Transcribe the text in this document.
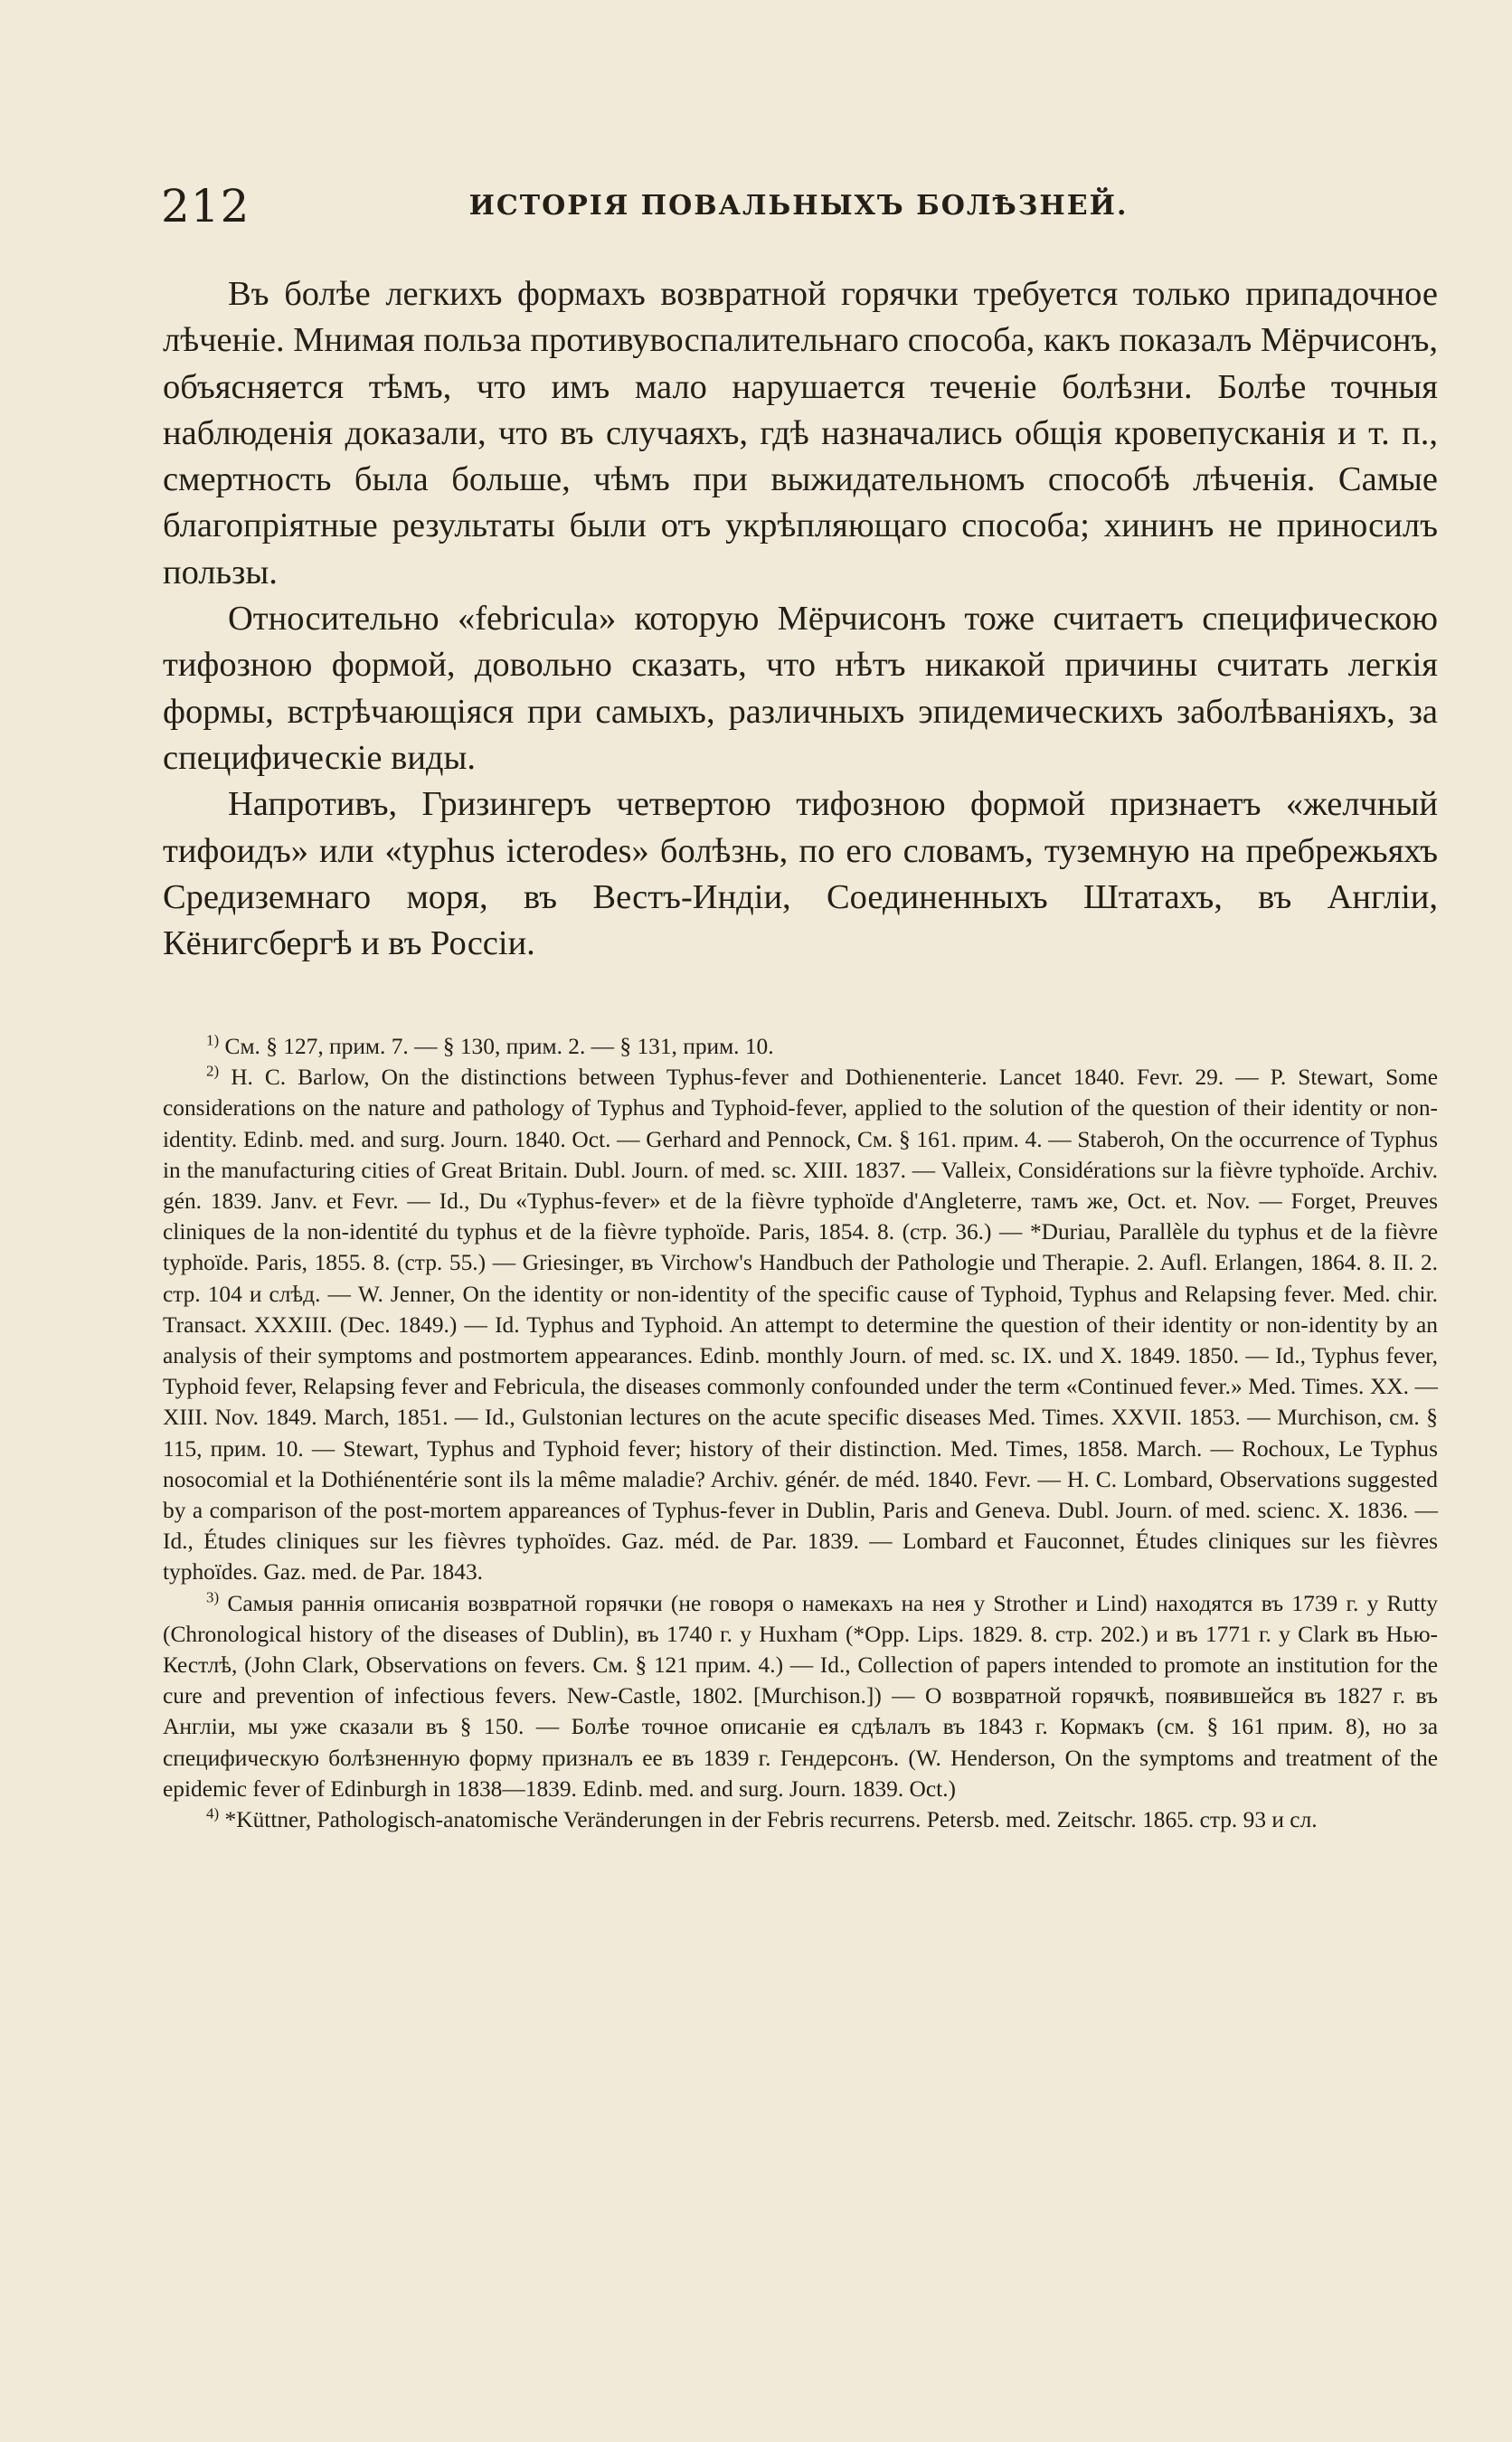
212	ИСТОРІЯ ПОВАЛЬНЫХЪ БОЛѢЗНЕЙ.

Въ болѣе легкихъ формахъ возвратной горячки требуется только припадочное лѣченіе. Мнимая польза противувоспалительнаго способа, какъ показалъ Мёрчисонъ, объясняется тѣмъ, что имъ мало нарушается теченіе болѣзни. Болѣе точныя наблюденія доказали, что въ случаяхъ, гдѣ назначались общія кровепусканія и т. п., смертность была больше, чѣмъ при выжидательномъ способѣ лѣченія. Самые благопріятные результаты были отъ укрѣпляющаго способа; хининъ не приносилъ пользы.

Относительно «febricula» которую Мёрчисонъ тоже считаетъ специфическою тифозною формой, довольно сказать, что нѣтъ никакой причины считать легкія формы, встрѣчающіяся при самыхъ, различныхъ эпидемическихъ заболѣваніяхъ, за специфическіе виды.

Напротивъ, Гризингеръ четвертою тифозною формой признаетъ «желчный тифоидъ» или «typhus icterodes» болѣзнь, по его словамъ, туземную на пребрежьяхъ Средиземнаго моря, въ Вестъ-Индіи, Соединенныхъ Штатахъ, въ Англіи, Кёнигсбергѣ и въ Россіи.

$^{1)}$ См. § 127, прим. 7. — § 130, прим. 2. — § 131, прим. 10.

$^{2)}$ H. C. Barlow, On the distinctions between Typhus-fever and Dothienenterie. Lancet 1840. Fevr. 29. — P. Stewart, Some considerations on the nature and pathology of Typhus and Typhoid-fever, applied to the solution of the question of their identity or non-identity. Edinb. med. and surg. Journ. 1840. Oct. — Gerhard and Pennock, См. § 161. прим. 4. — Staberoh, On the occurrence of Typhus in the manufacturing cities of Great Britain. Dubl. Journ. of med. sc. XIII. 1837. — Valleix, Considérations sur la fièvre typhoïde. Archiv. gén. 1839. Janv. et Fevr. — Id., Du «Typhus-fever» et de la fièvre typhoïde d'Angleterre, тамъ же, Oct. et. Nov. — Forget, Preuves cliniques de la non-identité du typhus et de la fièvre typhoïde. Paris, 1854. 8. (стр. 36.) — *Duriau, Parallèle du typhus et de la fièvre typhoïde. Paris, 1855. 8. (стр. 55.) — Griesinger, въ Virchow's Handbuch der Pathologie und Therapie. 2. Aufl. Erlangen, 1864. 8. II. 2. стр. 104 и слѣд. — W. Jenner, On the identity or non-identity of the specific cause of Typhoid, Typhus and Relapsing fever. Med. chir. Transact. XXXIII. (Dec. 1849.) — Id. Typhus and Typhoid. An attempt to determine the question of their identity or non-identity by an analysis of their symptoms and postmortem appearances. Edinb. monthly Journ. of med. sc. IX. und X. 1849. 1850. — Id., Typhus fever, Typhoid fever, Relapsing fever and Febricula, the diseases commonly confounded under the term «Continued fever.» Med. Times. XX. — XIII. Nov. 1849. March, 1851. — Id., Gulstonian lectures on the acute specific diseases Med. Times. XXVII. 1853. — Murchison, см. § 115, прим. 10. — Stewart, Typhus and Typhoid fever; history of their distinction. Med. Times, 1858. March. — Rochoux, Le Typhus nosocomial et la Dothiénentérie sont ils la même maladie? Archiv. génér. de méd. 1840. Fevr. — H. C. Lombard, Observations suggested by a comparison of the post-mortem appareances of Typhus-fever in Dublin, Paris and Geneva. Dubl. Journ. of med. scienc. X. 1836. — Id., Études cliniques sur les fièvres typhoïdes. Gaz. méd. de Par. 1839. — Lombard et Fauconnet, Études cliniques sur les fièvres typhoïdes. Gaz. med. de Par. 1843.

$^{3)}$ Самыя раннія описанія возвратной горячки (не говоря о намекахъ на нея у Strother и Lind) находятся въ 1739 г. у Rutty (Chronological history of the diseases of Dublin), въ 1740 г. у Huxham (*Opp. Lips. 1829. 8. стр. 202.) и въ 1771 г. у Clark въ Нью-Кестлѣ, (John Clark, Observations on fevers. См. § 121 прим. 4.) — Id., Collection of papers intended to promote an institution for the cure and prevention of infectious fevers. New-Castle, 1802. [Murchison.]) — О возвратной горячкѣ, появившейся въ 1827 г. въ Англіи, мы уже сказали въ § 150. — Болѣе точное описаніе ея сдѣлалъ въ 1843 г. Кормакъ (см. § 161 прим. 8), но за специфическую болѣзненную форму призналъ ее въ 1839 г. Гендерсонъ. (W. Henderson, On the symptoms and treatment of the epidemic fever of Edinburgh in 1838—1839. Edinb. med. and surg. Journ. 1839. Oct.)

$^{4)}$ *Küttner, Pathologisch-anatomische Veränderungen in der Febris recurrens. Petersb. med. Zeitschr. 1865. стр. 93 и сл.
